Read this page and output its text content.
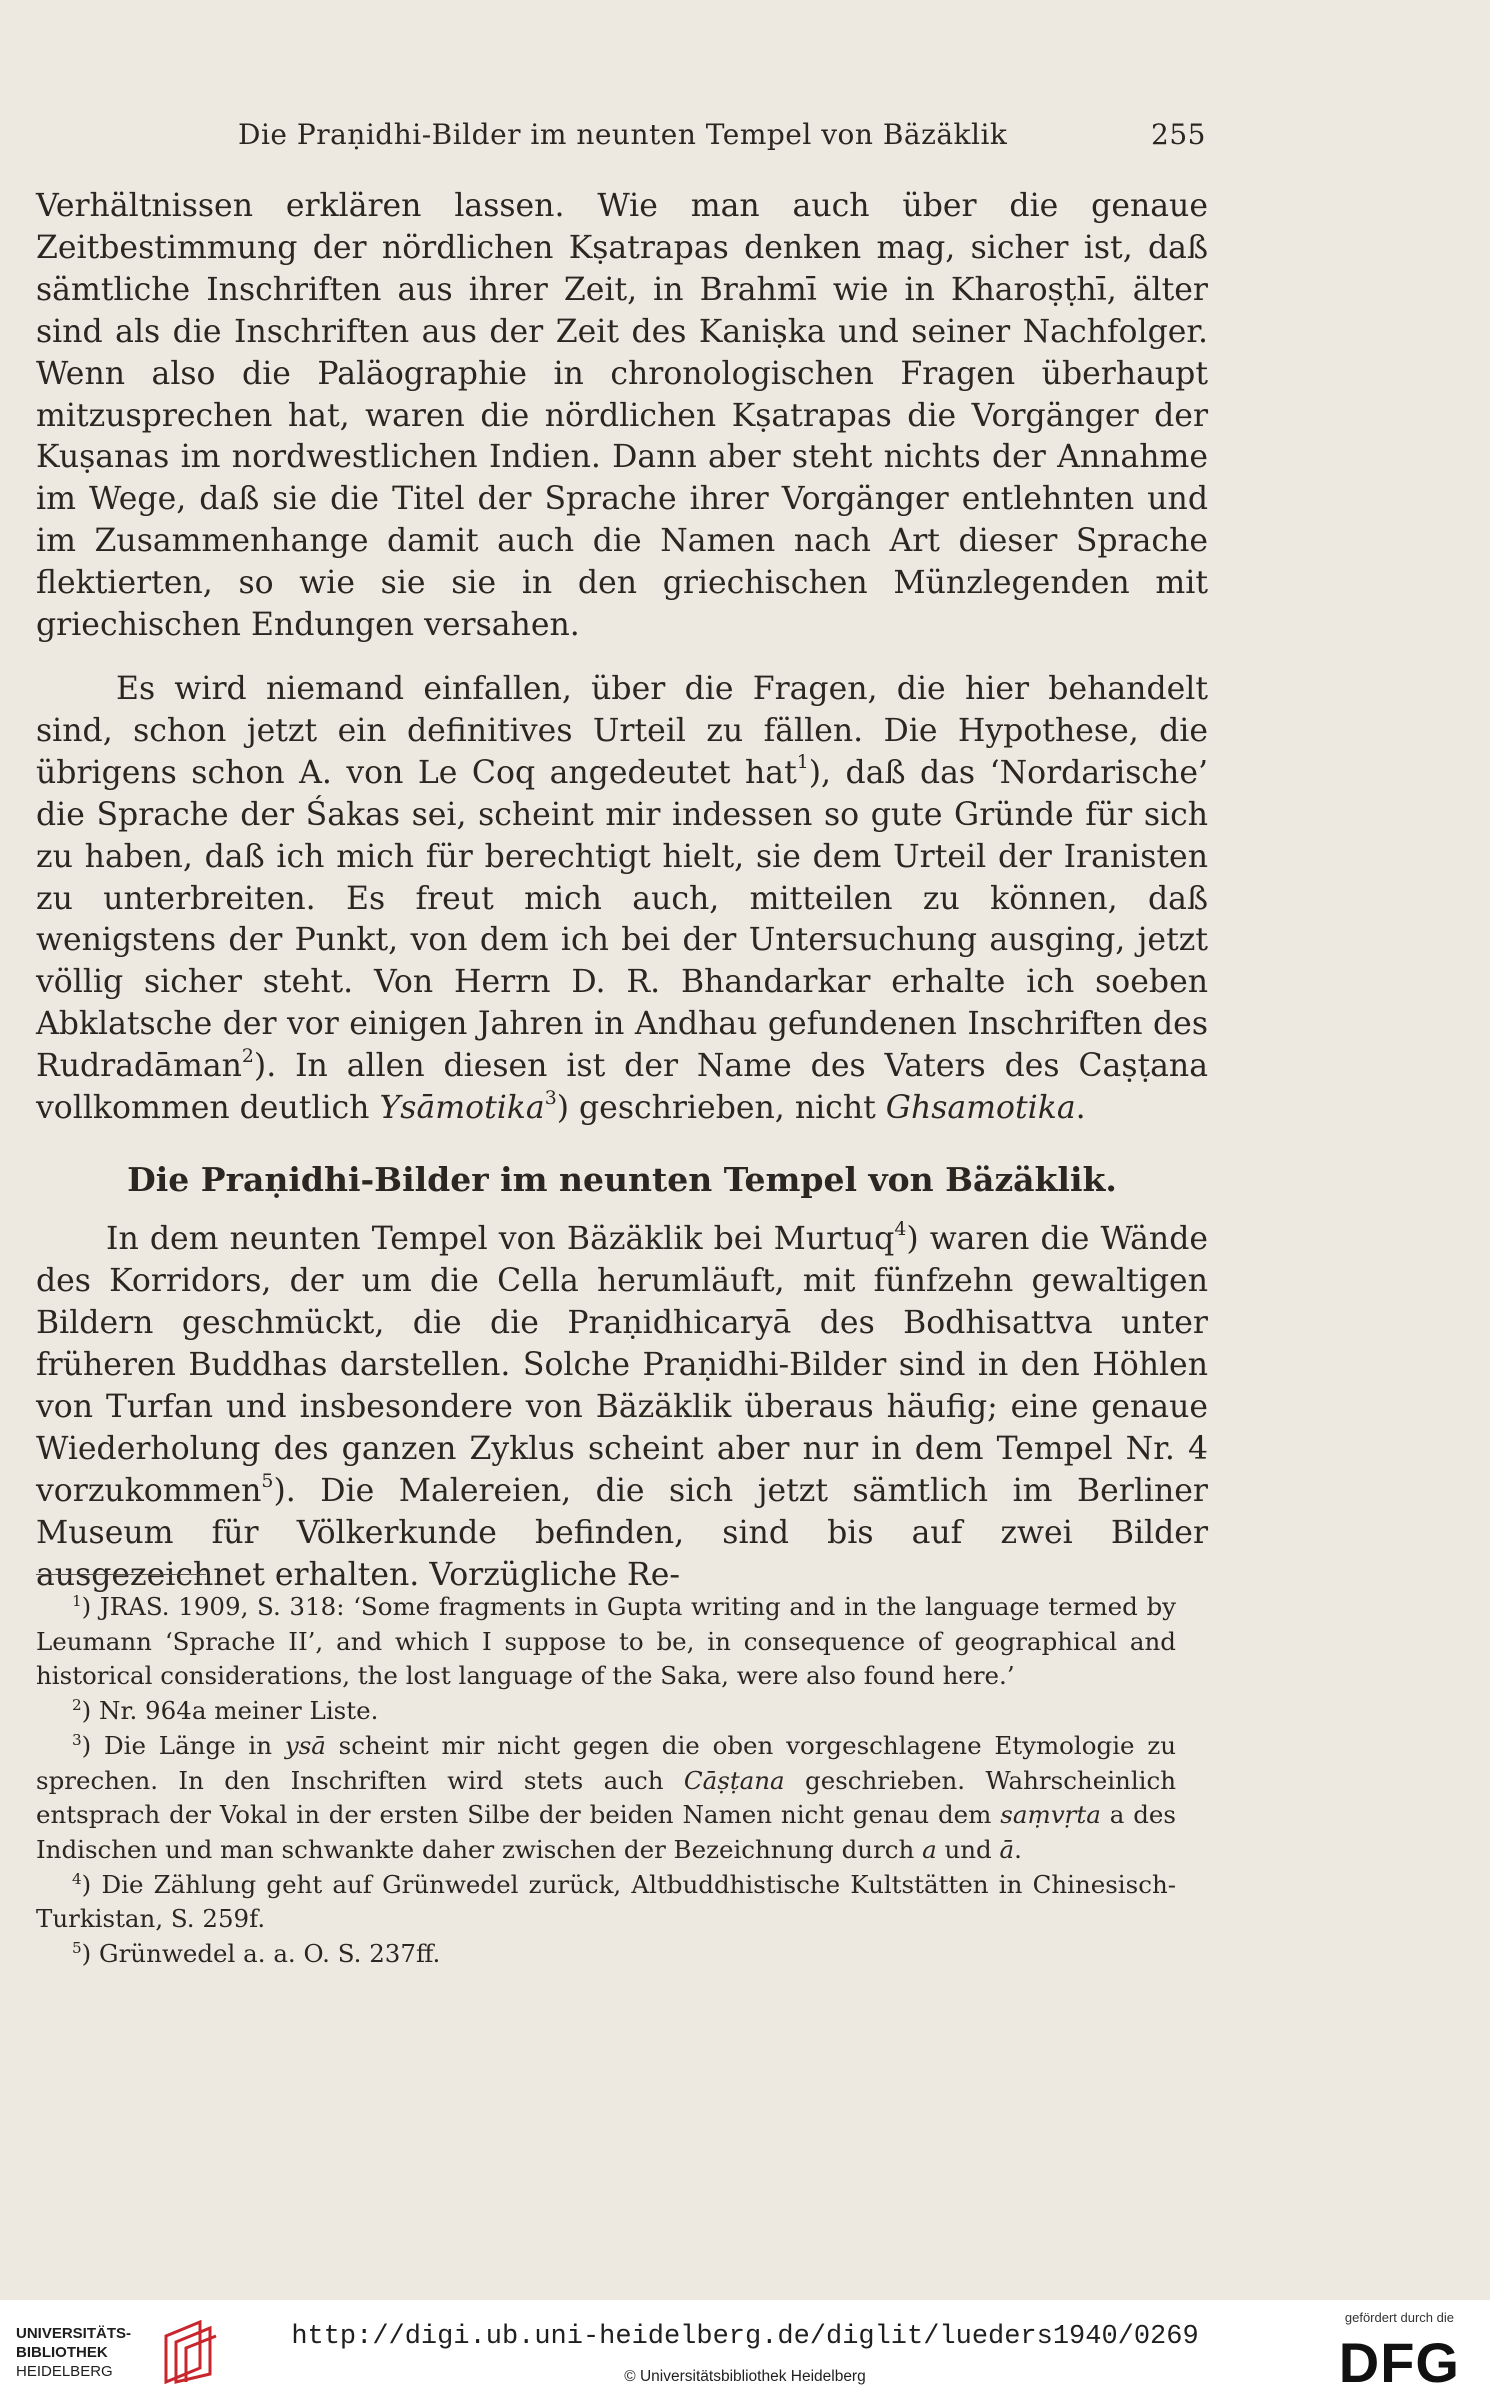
Die Praṇidhi-Bilder im neunten Tempel von Bäzäklik	255

Verhältnissen erklären lassen. Wie man auch über die genaue Zeitbestimmung der nördlichen Kṣatrapas denken mag, sicher ist, daß sämtliche Inschriften aus ihrer Zeit, in Brahmī wie in Kharoṣṭhī, älter sind als die Inschriften aus der Zeit des Kaniṣka und seiner Nachfolger. Wenn also die Paläographie in chronologischen Fragen überhaupt mitzusprechen hat, waren die nördlichen Kṣatrapas die Vorgänger der Kuṣanas im nordwestlichen Indien. Dann aber steht nichts der Annahme im Wege, daß sie die Titel der Sprache ihrer Vorgänger entlehnten und im Zusammenhange damit auch die Namen nach Art dieser Sprache flektierten, so wie sie sie in den griechischen Münzlegenden mit griechischen Endungen versahen.

Es wird niemand einfallen, über die Fragen, die hier behandelt sind, schon jetzt ein definitives Urteil zu fällen. Die Hypothese, die übrigens schon A. von Le Coq angedeutet hat$^1$), daß das ‘Nordarische’ die Sprache der Śakas sei, scheint mir indessen so gute Gründe für sich zu haben, daß ich mich für berechtigt hielt, sie dem Urteil der Iranisten zu unterbreiten. Es freut mich auch, mitteilen zu können, daß wenigstens der Punkt, von dem ich bei der Untersuchung ausging, jetzt völlig sicher steht. Von Herrn D. R. Bhandarkar erhalte ich soeben Abklatsche der vor einigen Jahren in Andhau gefundenen Inschriften des Rudradāman$^2$). In allen diesen ist der Name des Vaters des Caṣṭana vollkommen deutlich Ysāmotika$^3$) geschrieben, nicht Ghsamotika.

Die Praṇidhi-Bilder im neunten Tempel von Bäzäklik.

In dem neunten Tempel von Bäzäklik bei Murtuq$^4$) waren die Wände des Korridors, der um die Cella herumläuft, mit fünfzehn gewaltigen Bildern geschmückt, die die Praṇidhicaryā des Bodhisattva unter früheren Buddhas darstellen. Solche Praṇidhi-Bilder sind in den Höhlen von Turfan und insbesondere von Bäzäklik überaus häufig; eine genaue Wiederholung des ganzen Zyklus scheint aber nur in dem Tempel Nr. 4 vorzukommen$^5$). Die Malereien, die sich jetzt sämtlich im Berliner Museum für Völkerkunde befinden, sind bis auf zwei Bilder ausgezeichnet erhalten. Vorzügliche Re-

$^1$) JRAS. 1909, S. 318: ‘Some fragments in Gupta writing and in the language termed by Leumann ‘Sprache II’, and which I suppose to be, in consequence of geographical and historical considerations, the lost language of the Saka, were also found here.’

$^2$) Nr. 964a meiner Liste.

$^3$) Die Länge in ysā scheint mir nicht gegen die oben vorgeschlagene Etymologie zu sprechen. In den Inschriften wird stets auch Cāṣṭana geschrieben. Wahrscheinlich entsprach der Vokal in der ersten Silbe der beiden Namen nicht genau dem saṃvṛta a des Indischen und man schwankte daher zwischen der Bezeichnung durch a und ā.

$^4$) Die Zählung geht auf Grünwedel zurück, Altbuddhistische Kultstätten in Chinesisch-Turkistan, S. 259f.

$^5$) Grünwedel a. a. O. S. 237ff.

UNIVERSITÄTS-
BIBLIOTHEK
HEIDELBERG
http://digi.ub.uni-heidelberg.de/diglit/lueders1940/0269
© Universitätsbibliothek Heidelberg
gefördert durch die
DFG
